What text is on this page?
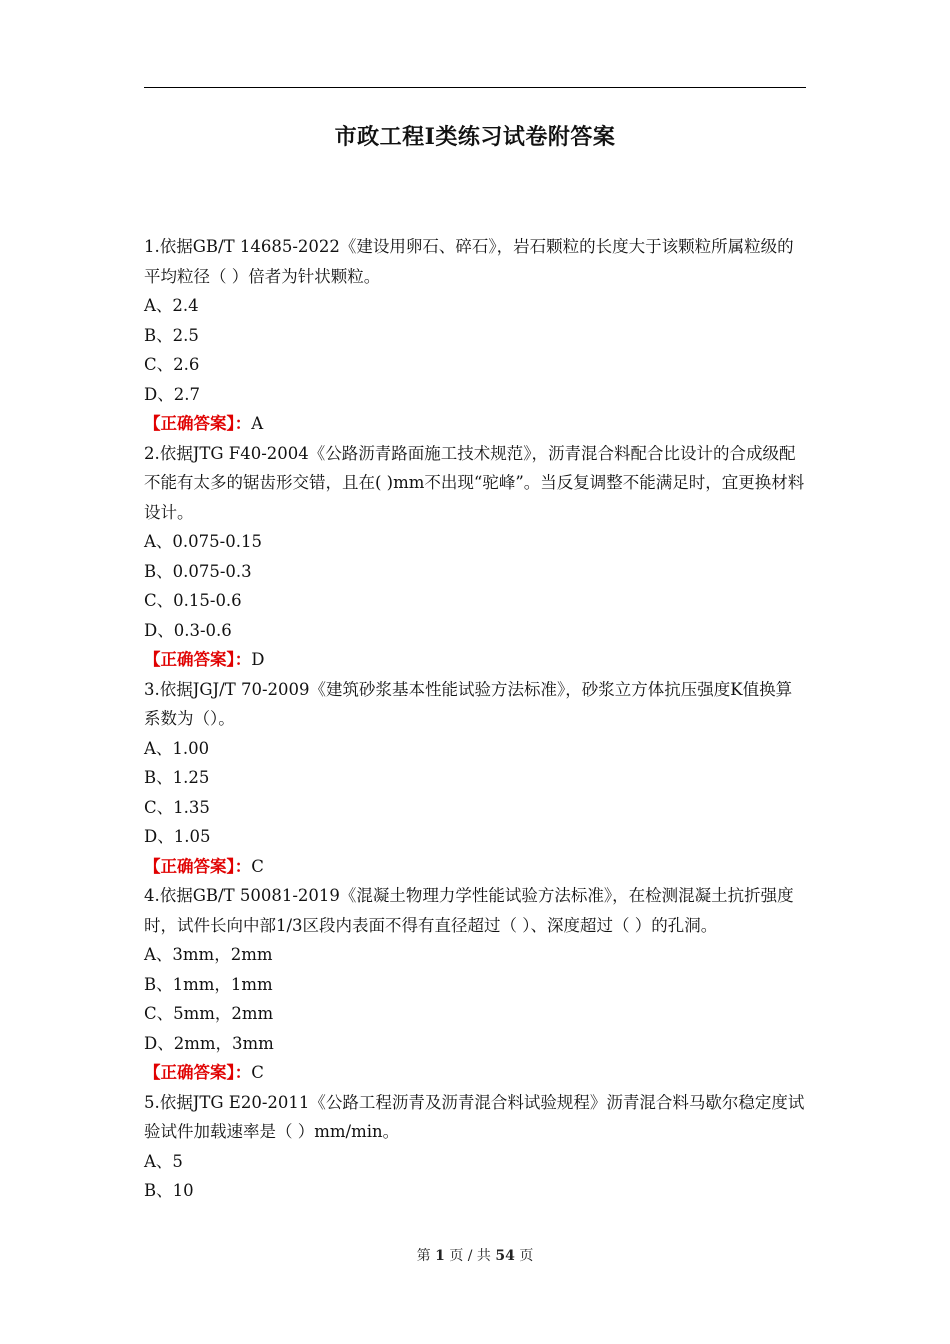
市政工程Ⅰ类练习试卷附答案
1.依据GB/T 14685-2022《建设用卵石、碎石》，岩石颗粒的长度大于该颗粒所属粒级的平均粒径（ ）倍者为针状颗粒。
A、2.4
B、2.5
C、2.6
D、2.7
【正确答案】：A
2.依据JTG F40-2004《公路沥青路面施工技术规范》，沥青混合料配合比设计的合成级配不能有太多的锯齿形交错，且在( )mm不出现“驼峰”。当反复调整不能满足时，宜更换材料设计。
A、0.075-0.15
B、0.075-0.3
C、0.15-0.6
D、0.3-0.6
【正确答案】：D
3.依据JGJ/T 70-2009《建筑砂浆基本性能试验方法标准》，砂浆立方体抗压强度K值换算系数为（）。
A、1.00
B、1.25
C、1.35
D、1.05
【正确答案】：C
4.依据GB/T 50081-2019《混凝土物理力学性能试验方法标准》，在检测混凝土抗折强度时，试件长向中部1/3区段内表面不得有直径超过（ ）、深度超过（ ）的孔洞。
A、3mm，2mm
B、1mm，1mm
C、5mm，2mm
D、2mm，3mm
【正确答案】：C
5.依据JTG E20-2011《公路工程沥青及沥青混合料试验规程》沥青混合料马歇尔稳定度试验试件加载速率是（ ）mm/min。
A、5
B、10
第 1 页 / 共 54 页
